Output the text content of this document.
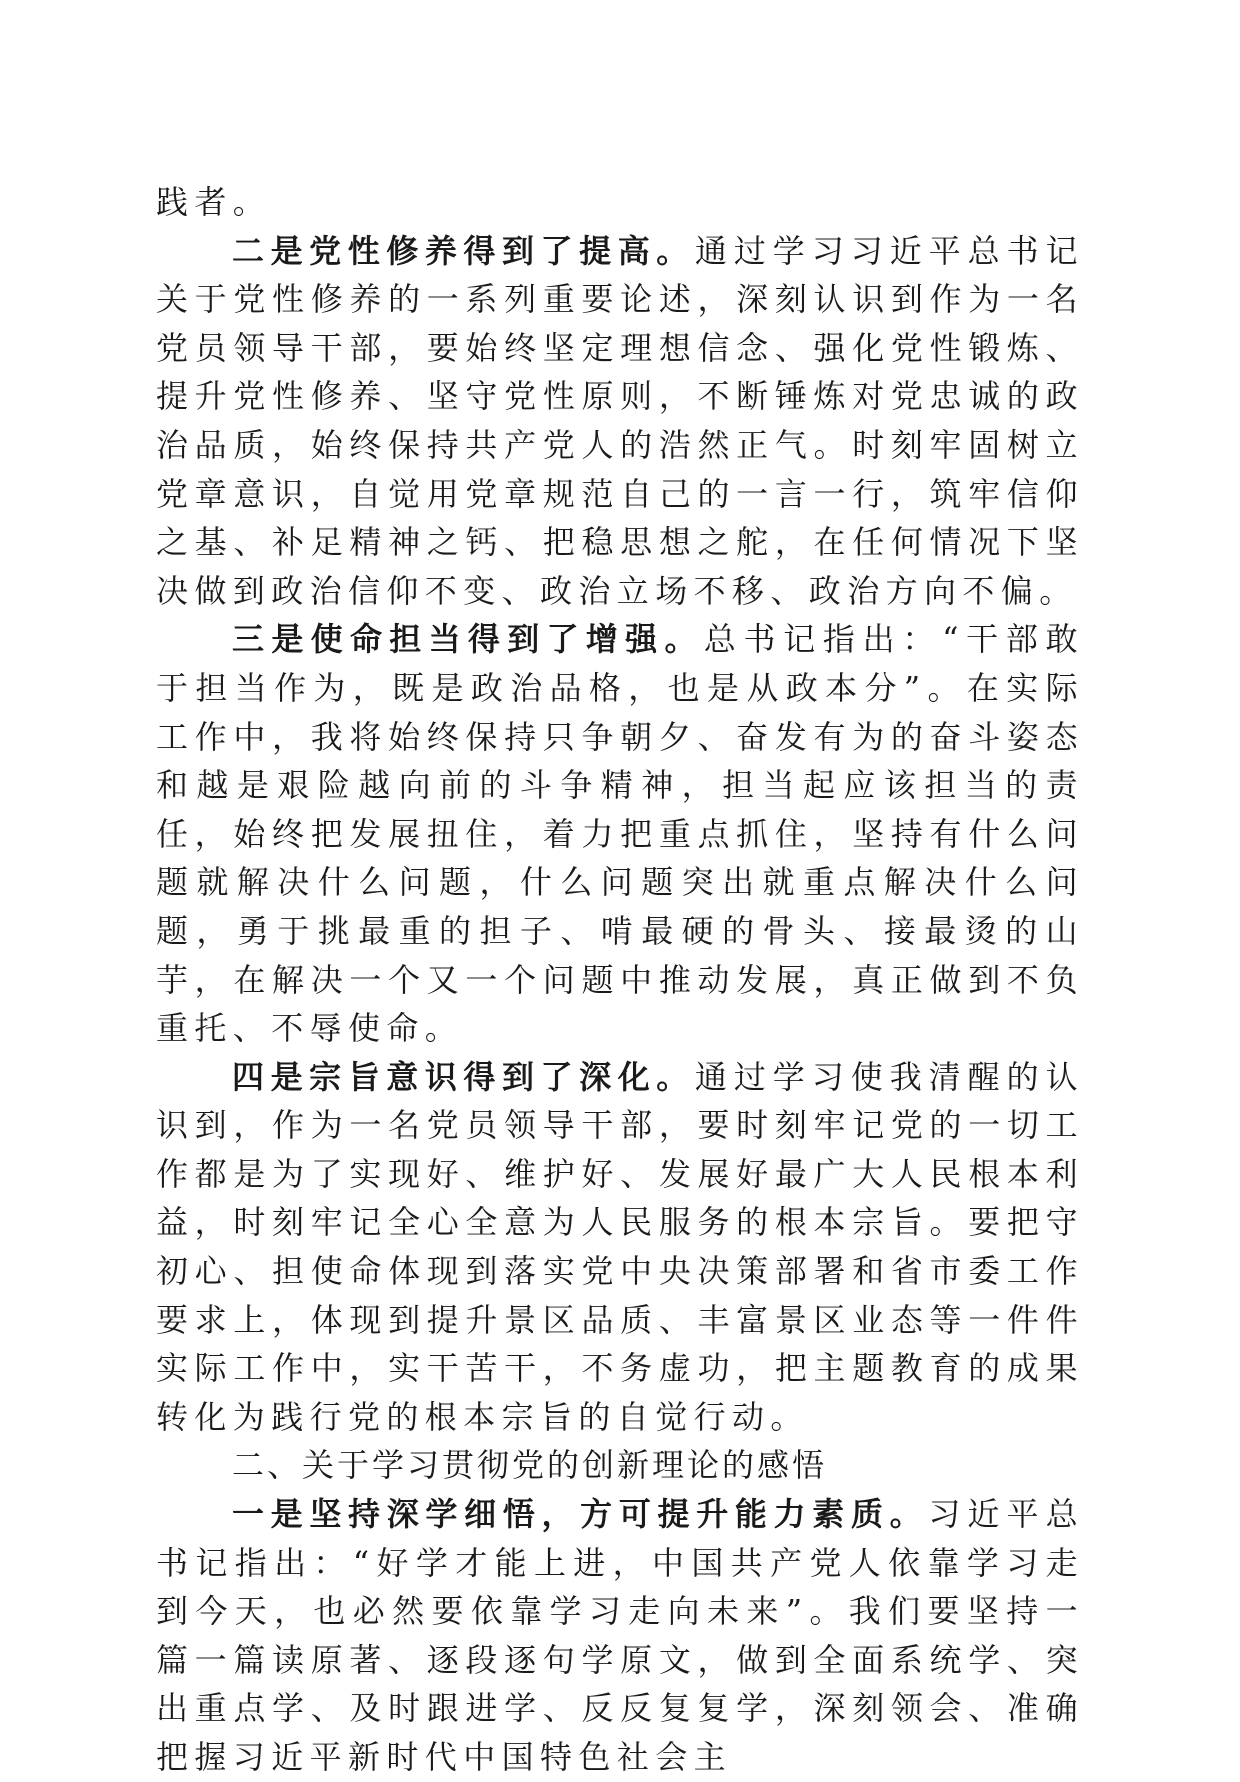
践者。

二是党性修养得到了提高。通过学习习近平总书记关于党性修养的一系列重要论述，深刻认识到作为一名党员领导干部，要始终坚定理想信念、强化党性锻炼、提升党性修养、坚守党性原则，不断锤炼对党忠诚的政治品质，始终保持共产党人的浩然正气。时刻牢固树立党章意识，自觉用党章规范自己的一言一行，筑牢信仰之基、补足精神之钙、把稳思想之舵，在任何情况下坚决做到政治信仰不变、政治立场不移、政治方向不偏。

三是使命担当得到了增强。总书记指出：“干部敢于担当作为，既是政治品格，也是从政本分”。在实际工作中，我将始终保持只争朝夕、奋发有为的奋斗姿态和越是艰险越向前的斗争精神，担当起应该担当的责任，始终把发展扭住，着力把重点抓住，坚持有什么问题就解决什么问题，什么问题突出就重点解决什么问题，勇于挑最重的担子、啃最硬的骨头、接最烫的山芋，在解决一个又一个问题中推动发展，真正做到不负重托、不辱使命。

四是宗旨意识得到了深化。通过学习使我清醒的认识到，作为一名党员领导干部，要时刻牢记党的一切工作都是为了实现好、维护好、发展好最广大人民根本利益，时刻牢记全心全意为人民服务的根本宗旨。要把守初心、担使命体现到落实党中央决策部署和省市委工作要求上，体现到提升景区品质、丰富景区业态等一件件实际工作中，实干苦干，不务虚功，把主题教育的成果转化为践行党的根本宗旨的自觉行动。

二、关于学习贯彻党的创新理论的感悟

一是坚持深学细悟，方可提升能力素质。习近平总书记指出：“好学才能上进，中国共产党人依靠学习走到今天，也必然要依靠学习走向未来”。我们要坚持一篇一篇读原著、逐段逐句学原文，做到全面系统学、突出重点学、及时跟进学、反反复复学，深刻领会、准确把握习近平新时代中国特色社会主
